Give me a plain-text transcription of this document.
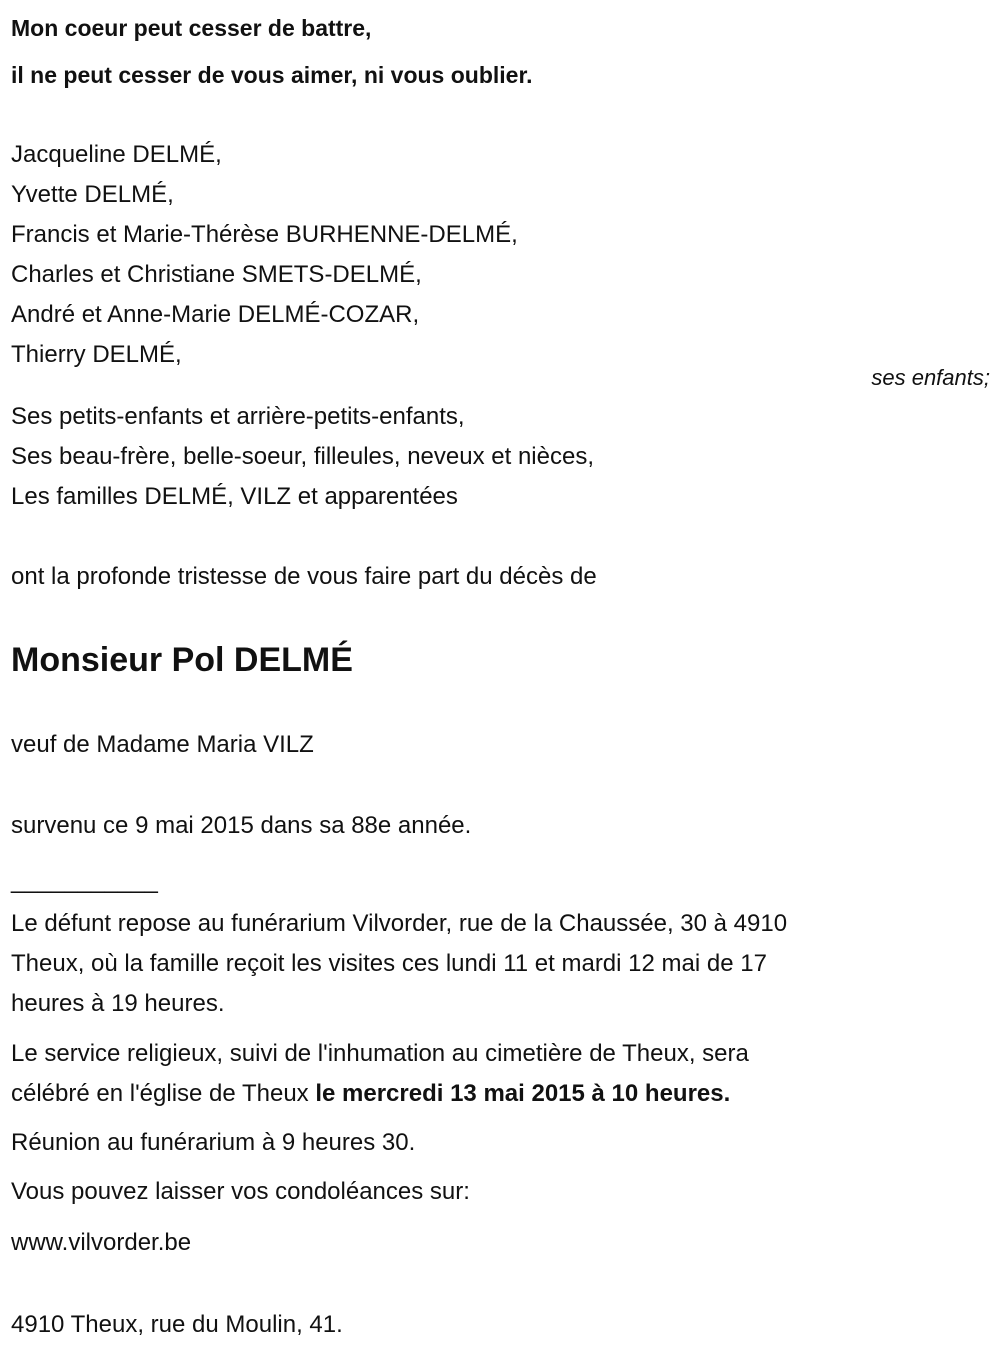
Mon coeur peut cesser de battre,
il ne peut cesser de vous aimer, ni vous oublier.
Jacqueline DELMÉ,
Yvette DELMÉ,
Francis et Marie-Thérèse BURHENNE-DELMÉ,
Charles et Christiane SMETS-DELMÉ,
André et Anne-Marie DELMÉ-COZAR,
Thierry DELMÉ,
ses enfants;
Ses petits-enfants et arrière-petits-enfants,
Ses beau-frère, belle-soeur, filleules, neveux et nièces,
Les familles DELMÉ, VILZ et apparentées
ont la profonde tristesse de vous faire part du décès de
Monsieur Pol DELMÉ
veuf de Madame Maria VILZ
survenu ce 9 mai 2015 dans sa 88e année.
___________
Le défunt repose au funérarium Vilvorder, rue de la Chaussée, 30 à 4910
Theux, où la famille reçoit les visites ces lundi 11 et mardi 12 mai de 17
heures à 19 heures.
Le service religieux, suivi de l'inhumation au cimetière de Theux, sera
célébré en l'église de Theux le mercredi 13 mai 2015 à 10 heures.
Réunion au funérarium à 9 heures 30.
Vous pouvez laisser vos condoléances sur:
www.vilvorder.be
4910 Theux, rue du Moulin, 41.
